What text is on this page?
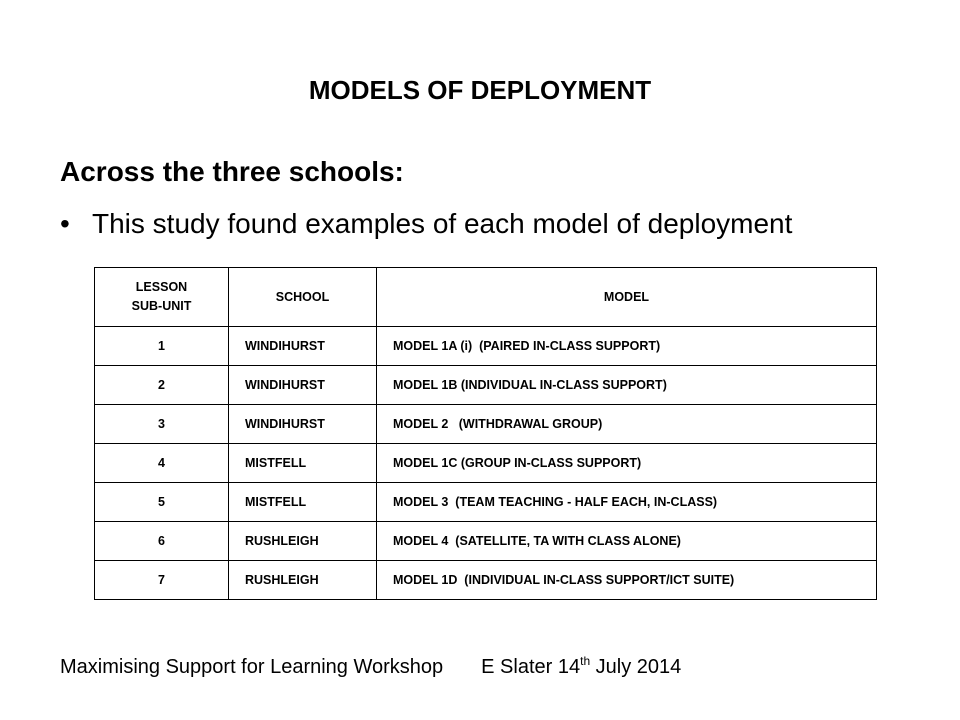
MODELS OF DEPLOYMENT
Across the three schools:
• This study found examples of each model of deployment
LESSON
SUB-UNIT	SCHOOL	MODEL
1	WINDIHURST	MODEL 1A (i)  (PAIRED IN-CLASS SUPPORT)
2	WINDIHURST	MODEL 1B (INDIVIDUAL IN-CLASS SUPPORT)
3	WINDIHURST	MODEL 2   (WITHDRAWAL GROUP)
4	MISTFELL	MODEL 1C (GROUP IN-CLASS SUPPORT)
5	MISTFELL	MODEL 3  (TEAM TEACHING - HALF EACH, IN-CLASS)
6	RUSHLEIGH	MODEL 4  (SATELLITE, TA WITH CLASS ALONE)
7	RUSHLEIGH	MODEL 1D  (INDIVIDUAL IN-CLASS SUPPORT/ICT SUITE)
Maximising Support for Learning Workshop E Slater 14th July 2014
